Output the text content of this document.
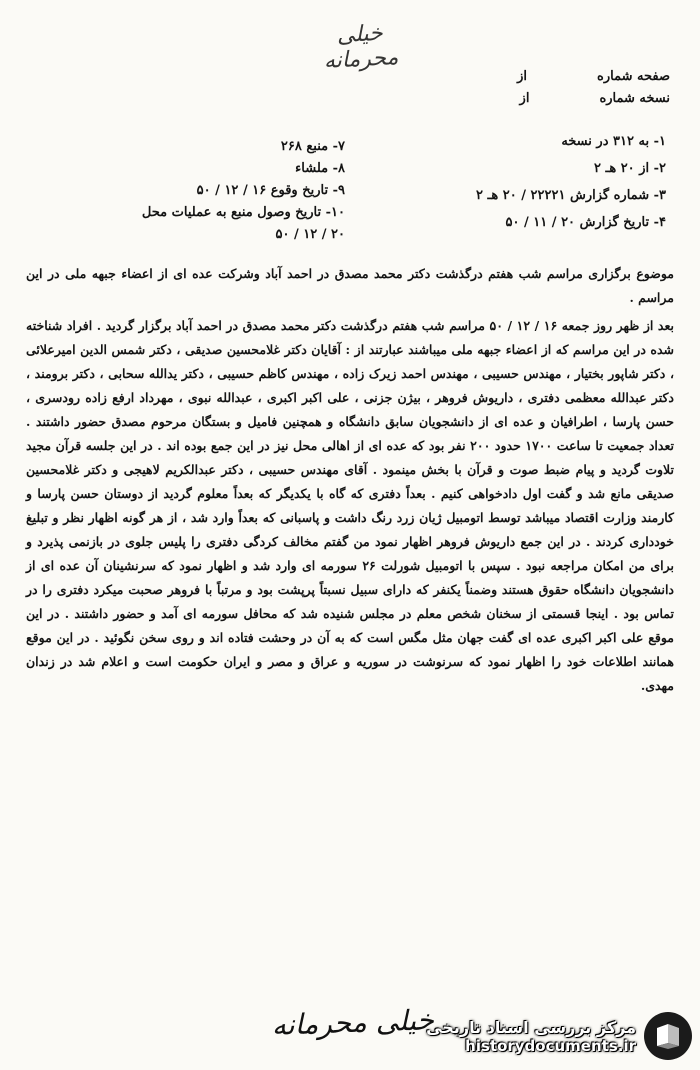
خیلی محرمانه
صفحه شماره
از
نسخه شماره
از
۱- به ۳۱۲ در نسخه
۲- از ۲۰ هـ ۲
۳- شماره گزارش ۲۲۲۲۱ / ۲۰ هـ ۲
۴- تاریخ گزارش ۲۰ / ۱۱ / ۵۰
۷- منبع ۲۶۸
۸- ملشاء
۹- تاریخ وقوع ۱۶ / ۱۲ / ۵۰
۱۰- تاریخ وصول منبع به عملیات محل
۲۰ / ۱۲ / ۵۰

موضوع برگزاری مراسم شب هفتم درگذشت دکتر محمد مصدق در احمد آباد وشرکت عده ای از اعضاء جبهه ملی در این مراسم .

بعد از ظهر روز جمعه ۱۶ / ۱۲ / ۵۰ مراسم شب هفتم درگذشت دکتر محمد مصدق در احمد آباد برگزار گردید . افراد شناخته شده در این مراسم که از اعضاء جبهه ملی میباشند عبارتند از : آقایان دکتر غلامحسین صدیقی ، دکتر شمس الدین امیرعلائی ، دکتر شاپور بختیار ، مهندس حسیبی ، مهندس احمد زیرک زاده ، مهندس کاظم حسیبی ، دکتر یدالله سحابی ، دکتر برومند ، دکتر عبدالله معظمی دفتری ، داریوش فروهر ، بیژن جزنی ، علی اکبر اکبری ، عبدالله نبوی ، مهرداد ارفع زاده رودسری ، حسن پارسا ، اطرافیان و عده ای از دانشجویان سابق دانشگاه و همچنین فامیل و بستگان مرحوم مصدق حضور داشتند . تعداد جمعیت تا ساعت ۱۷۰۰ حدود ۲۰۰ نفر بود که عده ای از اهالی محل نیز در این جمع بوده اند . در این جلسه قرآن مجید تلاوت گردید و پیام ضبط صوت و قرآن با بخش مینمود . آقای مهندس حسیبی ، دکتر عبدالکریم لاهیجی و دکتر غلامحسین صدیقی مانع شد و گفت اول دادخواهی کنیم . بعداً دفتری که گاه با یکدیگر که بعداً معلوم گردید از دوستان حسن پارسا و کارمند وزارت اقتصاد میباشد توسط اتومبیل ژیان زرد رنگ داشت و پاسبانی که بعداً وارد شد ، از هر گونه اظهار نظر و تبلیغ خودداری کردند . در این جمع داریوش فروهر اظهار نمود من گفتم مخالف کردگی دفتری را پلیس جلوی در بازنمی پذیرد و برای من امکان مراجعه نبود . سپس با اتومبیل شورلت ۲۶ سورمه ای وارد شد و اظهار نمود که سرنشینان آن عده ای از دانشجویان دانشگاه حقوق هستند وضمناً یکنفر که دارای سبیل نسبتاً پرپشت بود و مرتباً با فروهر صحبت میکرد دفتری را در تماس بود . اینجا قسمتی از سخنان شخص معلم در مجلس شنیده شد که محافل سورمه ای آمد و حضور داشتند . در این موقع علی اکبر اکبری عده ای گفت جهان مثل مگس است که به آن در وحشت فتاده اند و روی سخن نگوئید . در این موقع همانند اطلاعات خود را اظهار نمود که سرنوشت در سوریه و عراق و مصر و ایران حکومت است و اعلام شد در زندان مهدی.

خیلی محرمانه
مرکز بررسی اسناد تاریخی
historydocuments.ir
